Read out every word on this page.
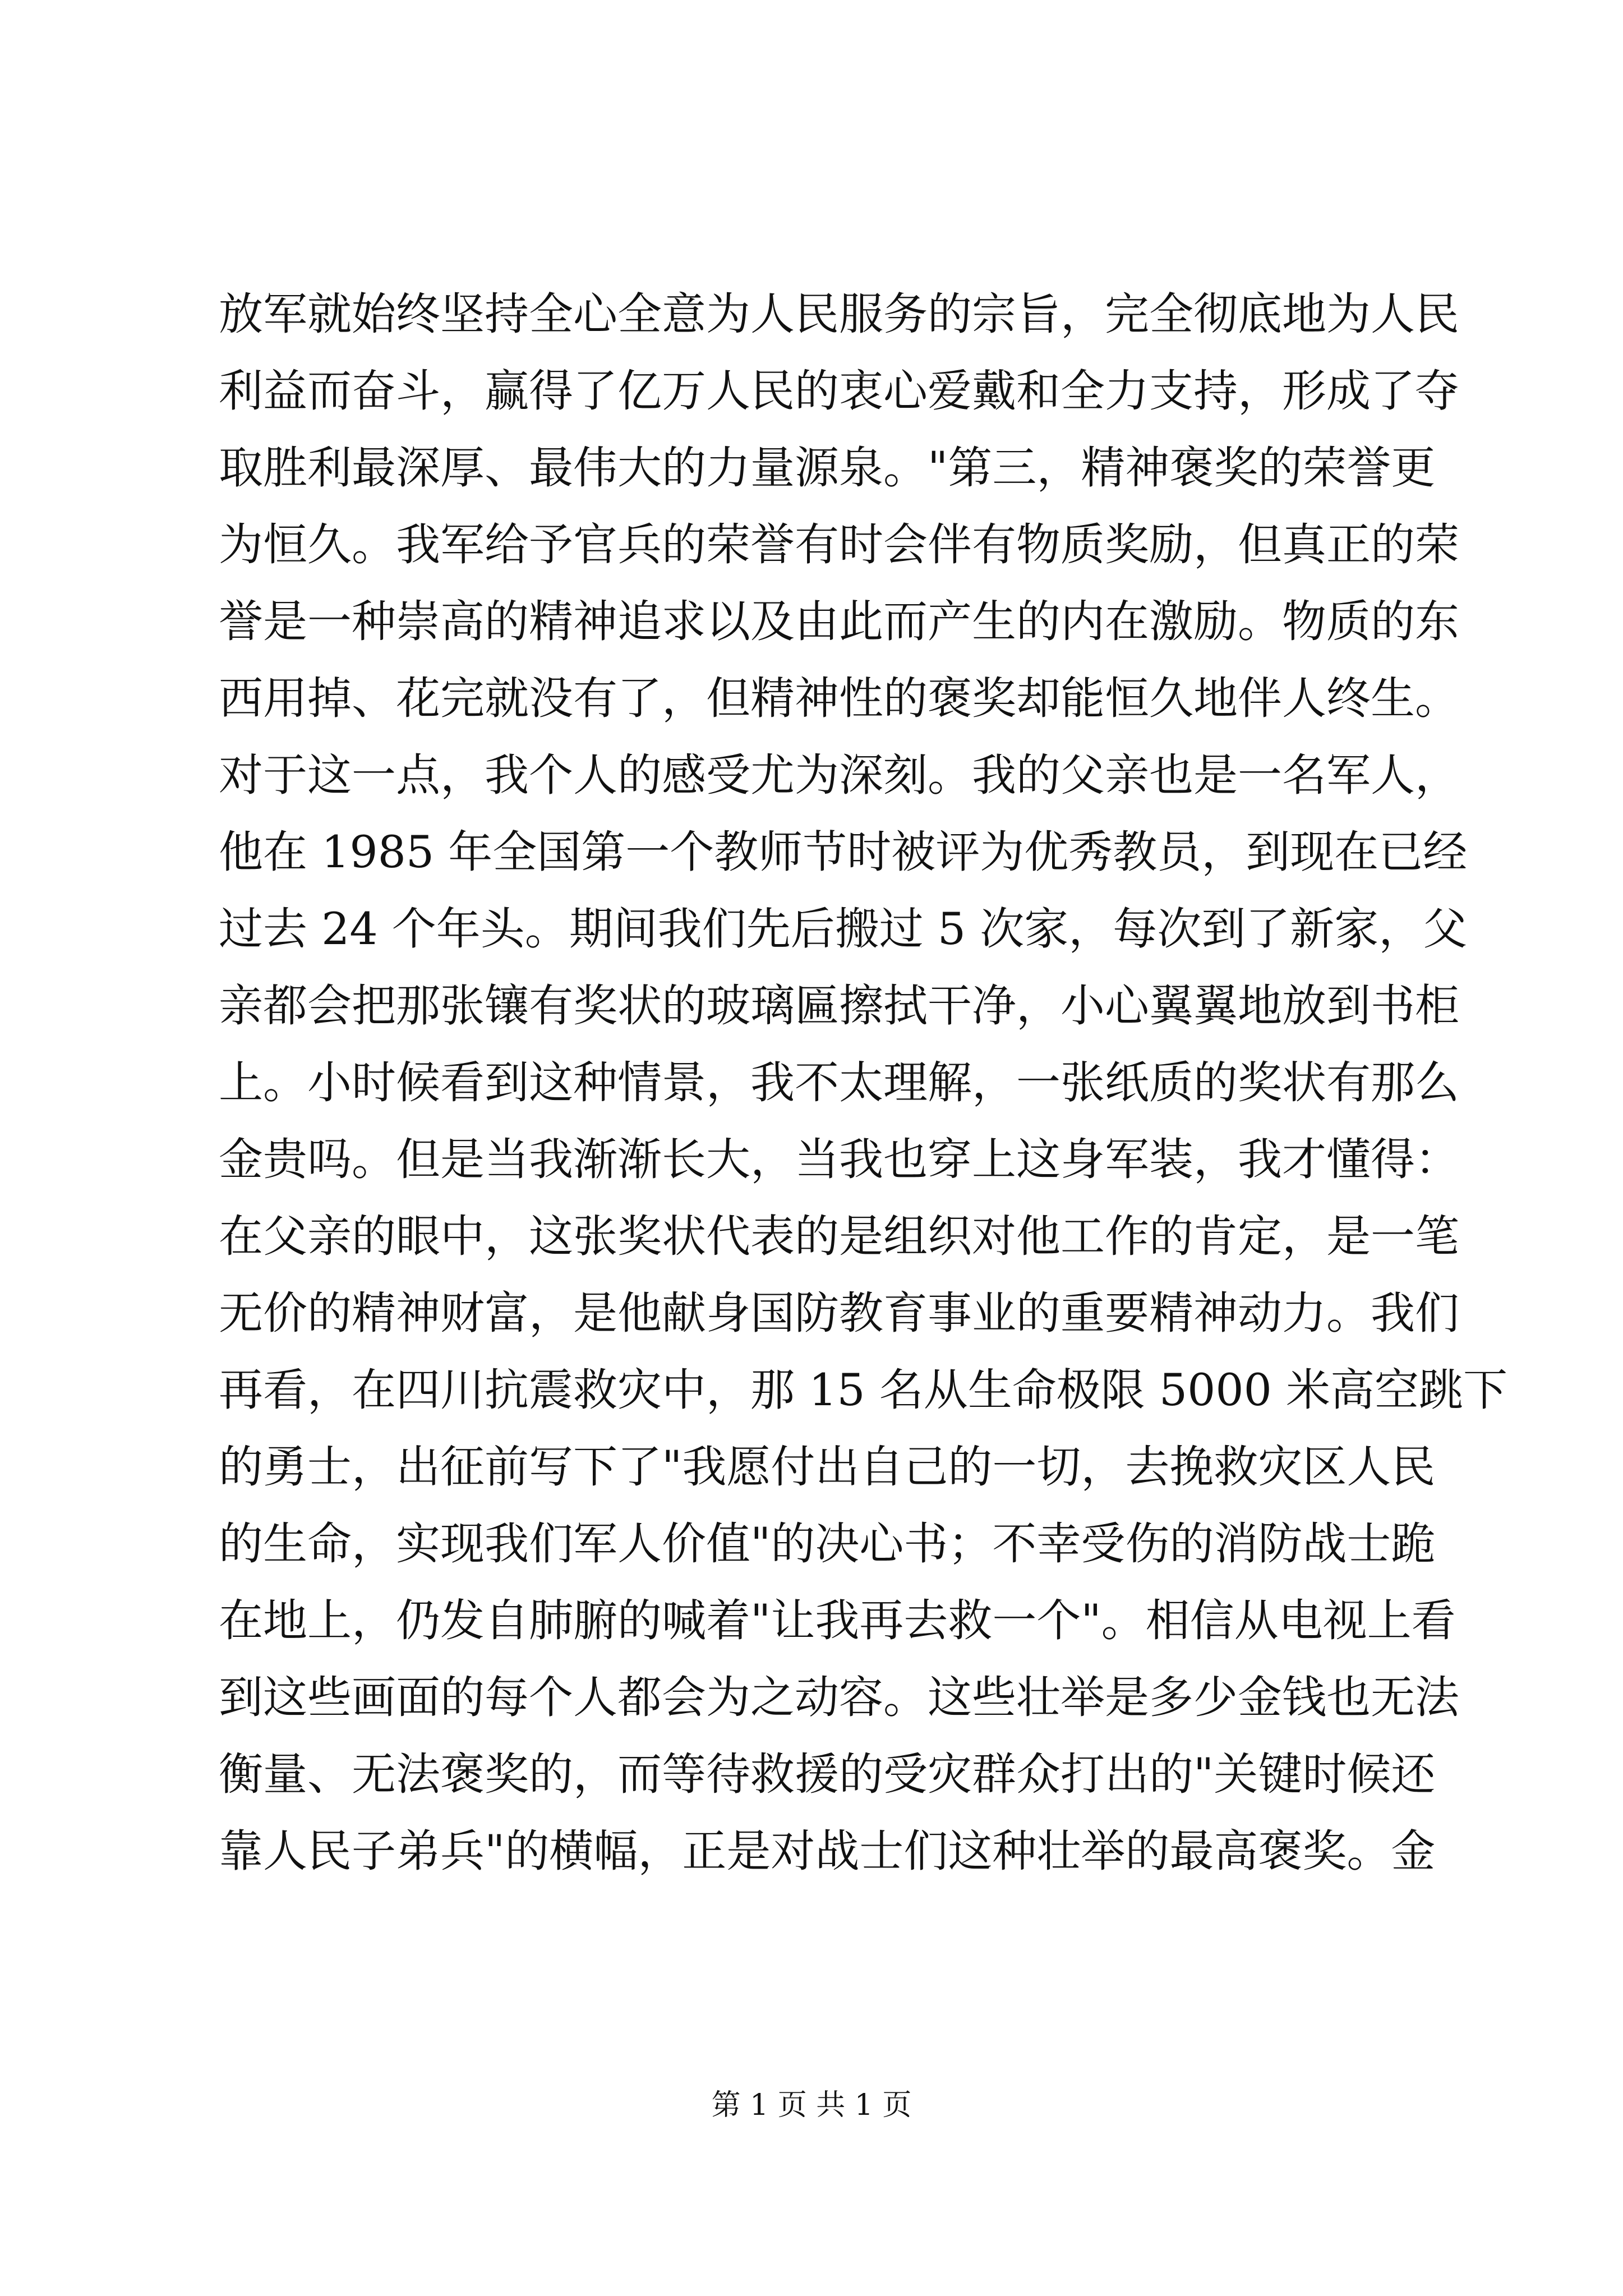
放军就始终坚持全心全意为人民服务的宗旨，完全彻底地为人民
利益而奋斗，赢得了亿万人民的衷心爱戴和全力支持，形成了夺
取胜利最深厚、最伟大的力量源泉。"第三，精神褒奖的荣誉更
为恒久。我军给予官兵的荣誉有时会伴有物质奖励，但真正的荣
誉是一种崇高的精神追求以及由此而产生的内在激励。物质的东
西用掉、花完就没有了，但精神性的褒奖却能恒久地伴人终生。
对于这一点，我个人的感受尤为深刻。我的父亲也是一名军人，
他在 1985 年全国第一个教师节时被评为优秀教员，到现在已经
过去 24 个年头。期间我们先后搬过 5 次家，每次到了新家，父
亲都会把那张镶有奖状的玻璃匾擦拭干净，小心翼翼地放到书柜
上。小时候看到这种情景，我不太理解，一张纸质的奖状有那么
金贵吗。但是当我渐渐长大，当我也穿上这身军装，我才懂得：
在父亲的眼中，这张奖状代表的是组织对他工作的肯定，是一笔
无价的精神财富，是他献身国防教育事业的重要精神动力。我们
再看，在四川抗震救灾中，那 15 名从生命极限 5000 米高空跳下
的勇士，出征前写下了"我愿付出自己的一切，去挽救灾区人民
的生命，实现我们军人价值"的决心书；不幸受伤的消防战士跪
在地上，仍发自肺腑的喊着"让我再去救一个"。相信从电视上看
到这些画面的每个人都会为之动容。这些壮举是多少金钱也无法
衡量、无法褒奖的，而等待救援的受灾群众打出的"关键时候还
靠人民子弟兵"的横幅，正是对战士们这种壮举的最高褒奖。金
第 1 页 共 1 页
